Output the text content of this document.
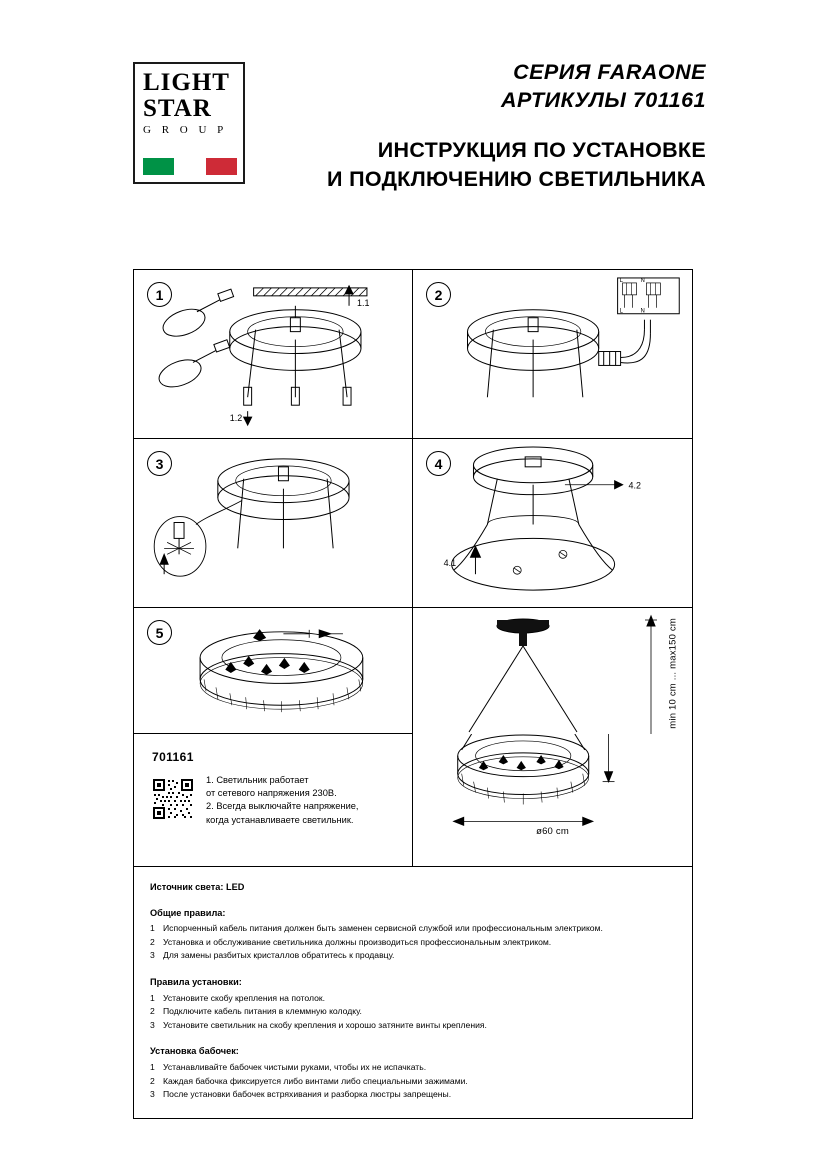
LIGHT
STAR
G R O U P
СЕРИЯ FARAONE
АРТИКУЛЫ 701161
ИНСТРУКЦИЯ ПО УСТАНОВКЕ
И ПОДКЛЮЧЕНИЮ СВЕТИЛЬНИКА
1
1.1
1.2
2
L	N
L	N
3	4
4.2
4.1
5	min 10 cm ... max150 cm
701161
1. Светильник работает
от сетевого напряжения 230В.
2. Всегда выключайте напряжение,
когда устанавливаете светильник.
ø60 cm
Источник света: LED
Общие правила:
1 Испорченный кабель питания должен быть заменен сервисной службой или профессиональным электриком.
2 Установка и обслуживание светильника должны производиться профессиональным электриком.
3 Для замены разбитых кристаллов обратитесь к продавцу.
Правила установки:
1 Установите скобу крепления на потолок.
2 Подключите кабель питания в клеммную колодку.
3 Установите светильник на скобу крепления и хорошо затяните винты крепления.
Установка бабочек:
1 Устанавливайте бабочек чистыми руками, чтобы их не испачкать.
2 Каждая бабочка фиксируется либо винтами либо специальными зажимами.
3 После установки бабочек встряхивания и разборка люстры запрещены.
